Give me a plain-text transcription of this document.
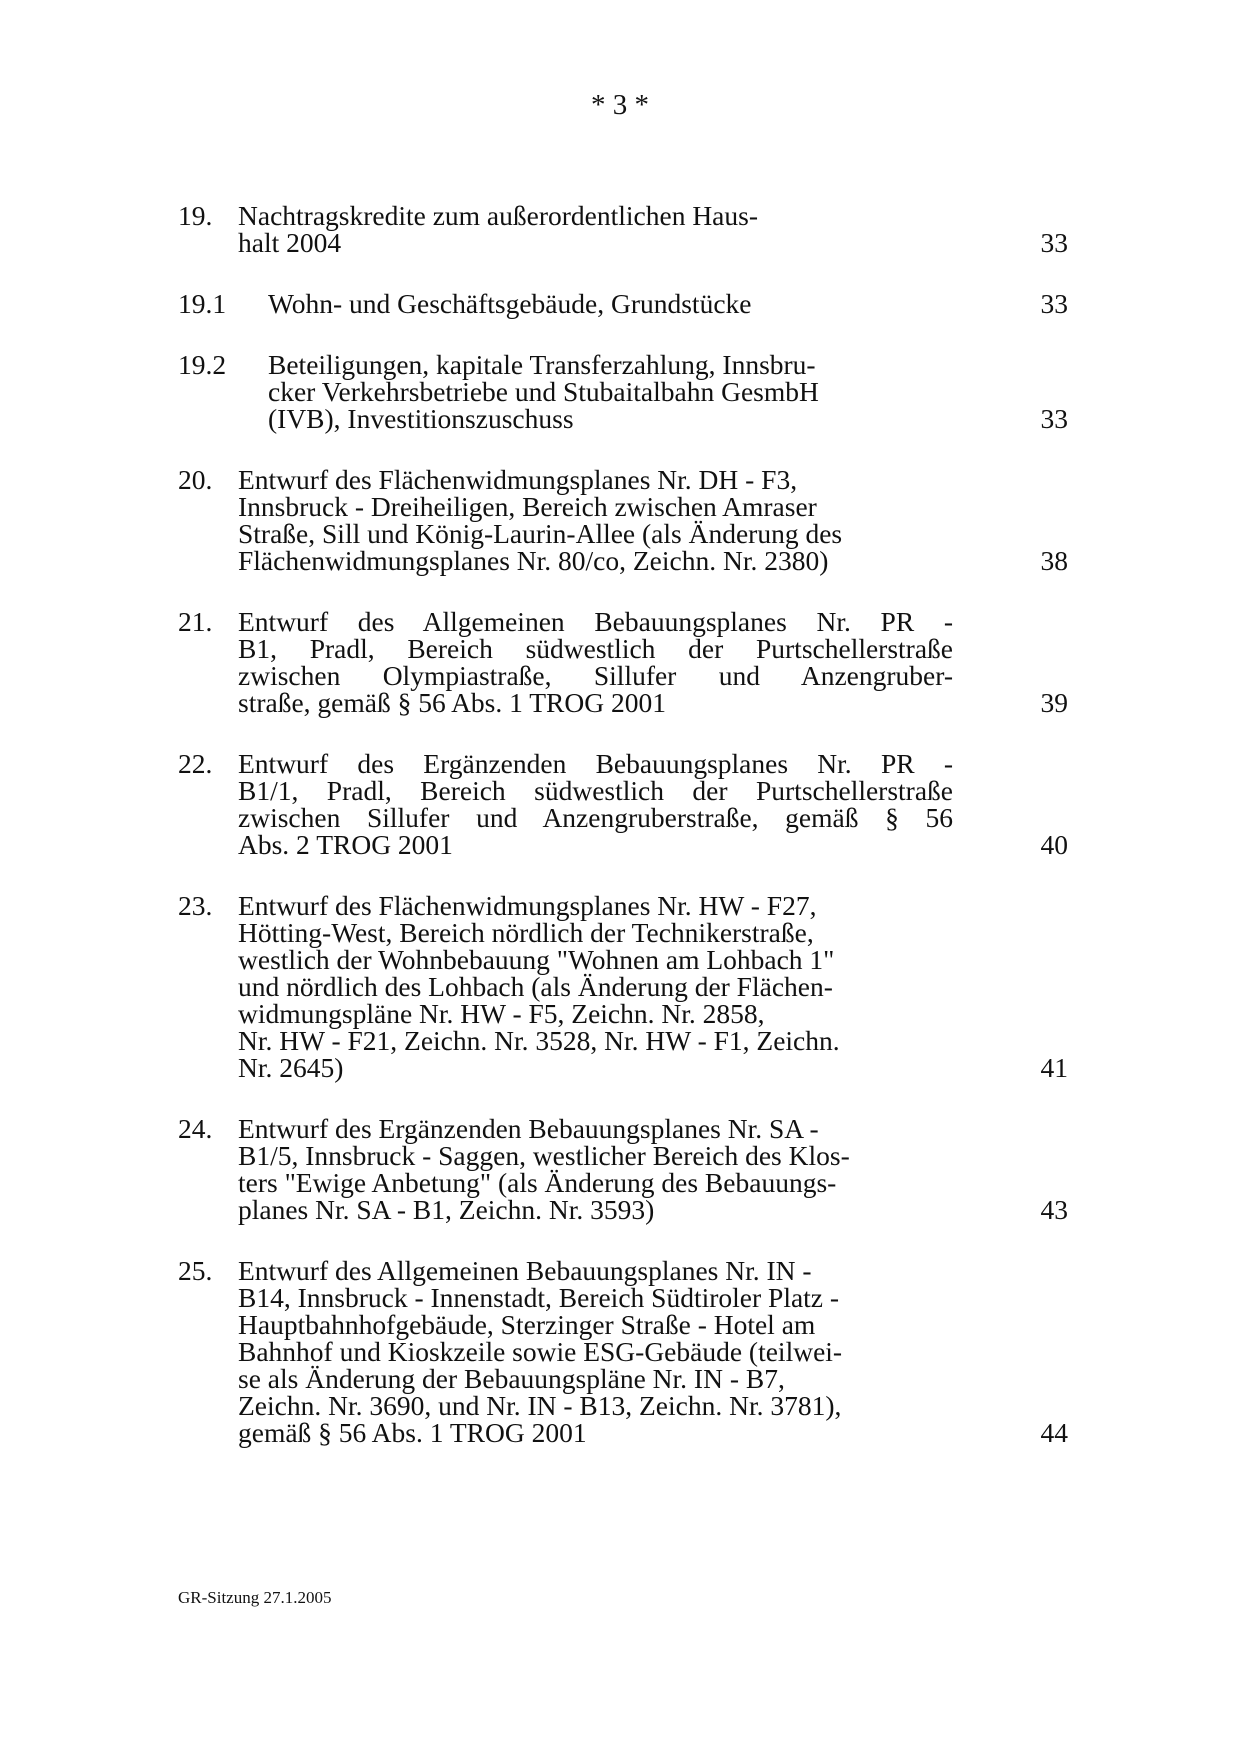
* 3 *
19. Nachtragskredite zum außerordentlichen Haus-
halt 2004	33
19.1	Wohn- und Geschäftsgebäude, Grundstücke	33
19.2	Beteiligungen, kapitale Transferzahlung, Innsbru-
cker Verkehrsbetriebe und Stubaitalbahn GesmbH
(IVB), Investitionszuschuss	33
20. Entwurf des Flächenwidmungsplanes Nr. DH - F3,
Innsbruck - Dreiheiligen, Bereich zwischen Amraser
Straße, Sill und König-Laurin-Allee (als Änderung des
Flächenwidmungsplanes Nr. 80/co, Zeichn. Nr. 2380)	38
21. Entwurf des Allgemeinen Bebauungsplanes Nr. PR -
B1, Pradl, Bereich südwestlich der Purtschellerstraße
zwischen Olympiastraße, Sillufer und Anzengruber-
straße, gemäß § 56 Abs. 1 TROG 2001	39
22. Entwurf des Ergänzenden Bebauungsplanes Nr. PR -
B1/1, Pradl, Bereich südwestlich der Purtschellerstraße
zwischen Sillufer und Anzengruberstraße, gemäß § 56
Abs. 2 TROG 2001	40
23. Entwurf des Flächenwidmungsplanes Nr. HW - F27,
Hötting-West, Bereich nördlich der Technikerstraße,
westlich der Wohnbebauung "Wohnen am Lohbach 1"
und nördlich des Lohbach (als Änderung der Flächen-
widmungspläne Nr. HW - F5, Zeichn. Nr. 2858,
Nr. HW - F21, Zeichn. Nr. 3528, Nr. HW - F1, Zeichn.
Nr. 2645)	41
24. Entwurf des Ergänzenden Bebauungsplanes Nr. SA -
B1/5, Innsbruck - Saggen, westlicher Bereich des Klos-
ters "Ewige Anbetung" (als Änderung des Bebauungs-
planes Nr. SA - B1, Zeichn. Nr. 3593)	43
25. Entwurf des Allgemeinen Bebauungsplanes Nr. IN -
B14, Innsbruck - Innenstadt, Bereich Südtiroler Platz -
Hauptbahnhofgebäude, Sterzinger Straße - Hotel am
Bahnhof und Kioskzeile sowie ESG-Gebäude (teilwei-
se als Änderung der Bebauungspläne Nr. IN - B7,
Zeichn. Nr. 3690, und Nr. IN - B13, Zeichn. Nr. 3781),
gemäß § 56 Abs. 1 TROG 2001	44
GR-Sitzung 27.1.2005
